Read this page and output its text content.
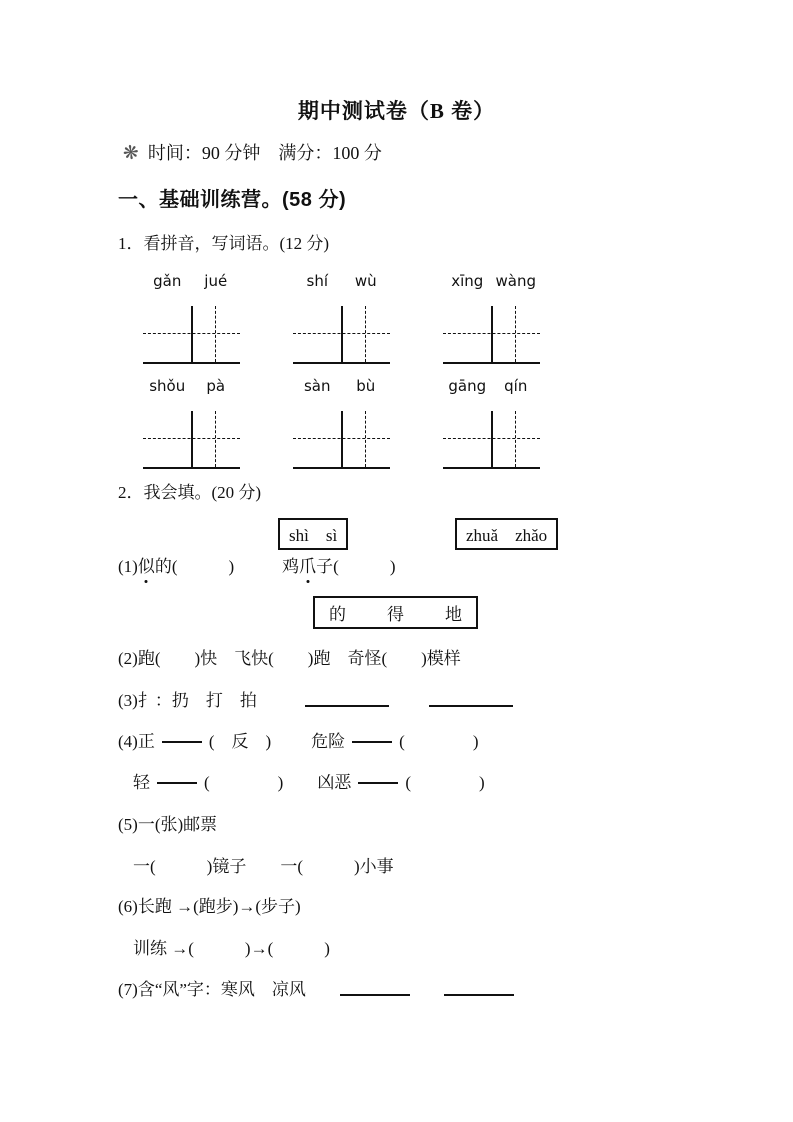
期中测试卷（B 卷）
❋ 时间：90 分钟　满分：100 分
一、基础训练营。(58 分)
1．看拼音，写词语。(12 分)
gǎn	jué	shí	wù	xīng wàng
shǒu	pà	sàn	bù	gāng	qín
2．我会填。(20 分)
shì　sì	zhuǎ　zhǎo
(1)似的(　　　)	鸡爪子(　　　)
的 得 地
(2)跑(　　)快　飞快(　　)跑　奇怪(　　)模样
(3)扌：扔　打　拍
(4)正	(　反　) 危险	(　　　　)
轻	(　　　　) 凶恶	(　　　　)
(5)一(张)邮票
一(　　　)镜子　　一(　　　)小事
(6)长跑 →(跑步)→(步子)
训练 →(　　　)→(　　　)
(7)含“风”字：寒风　凉风
